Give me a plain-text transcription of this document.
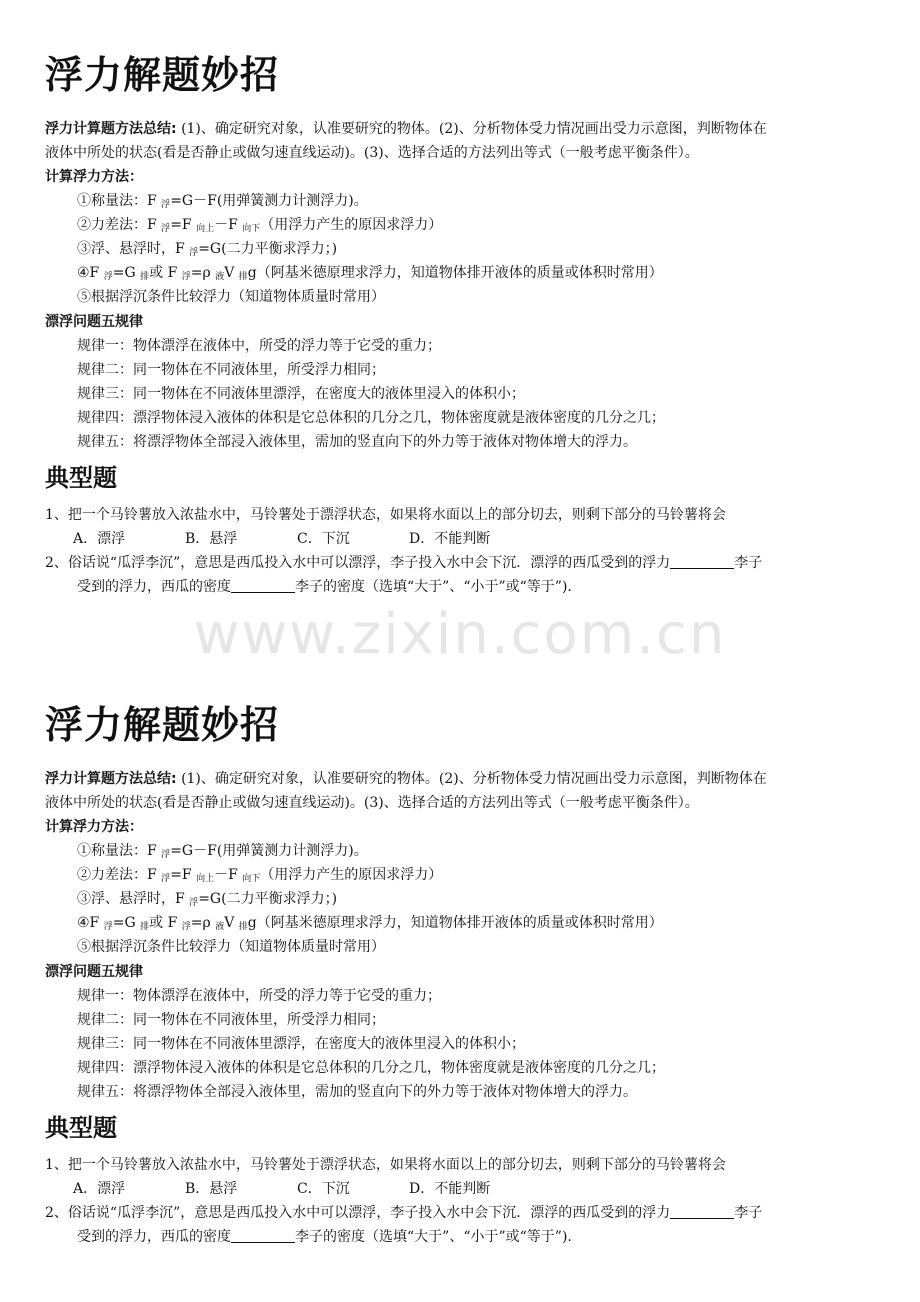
浮力解题妙招
浮力计算题方法总结: (1)、确定研究对象，认准要研究的物体。(2)、分析物体受力情况画出受力示意图，判断物体在
液体中所处的状态(看是否静止或做匀速直线运动)。(3)、选择合适的方法列出等式（一般考虑平衡条件）。
计算浮力方法：
①称量法：F $_浮$=G－F(用弹簧测力计测浮力)。
②力差法：F $_浮$=F $_{向上}$－F $_{向下}$（用浮力产生的原因求浮力）
③浮、悬浮时，F $_浮$=G(二力平衡求浮力；)
④F $_浮$=G $_排$或 F $_浮$=ρ $_液$V $_排$g（阿基米德原理求浮力，知道物体排开液体的质量或体积时常用）
⑤根据浮沉条件比较浮力（知道物体质量时常用）
漂浮问题五规律
规律一：物体漂浮在液体中，所受的浮力等于它受的重力；
规律二：同一物体在不同液体里，所受浮力相同；
规律三：同一物体在不同液体里漂浮，在密度大的液体里浸入的体积小；
规律四：漂浮物体浸入液体的体积是它总体积的几分之几，物体密度就是液体密度的几分之几；
规律五：将漂浮物体全部浸入液体里，需加的竖直向下的外力等于液体对物体增大的浮力。
典型题
1、把一个马铃薯放入浓盐水中，马铃薯处于漂浮状态，如果将水面以上的部分切去，则剩下部分的马铃薯将会
A．漂浮	B．悬浮	C．下沉	D．不能判断
2、俗话说“瓜浮李沉”，意思是西瓜投入水中可以漂浮，李子投入水中会下沉．漂浮的西瓜受到的浮力	李子
受到的浮力，西瓜的密度	李子的密度（选填“大于”、“小于”或“等于”).
www.zixin.com.cn
浮力解题妙招
浮力计算题方法总结: (1)、确定研究对象，认准要研究的物体。(2)、分析物体受力情况画出受力示意图，判断物体在
液体中所处的状态(看是否静止或做匀速直线运动)。(3)、选择合适的方法列出等式（一般考虑平衡条件）。
计算浮力方法：
①称量法：F $_浮$=G－F(用弹簧测力计测浮力)。
②力差法：F $_浮$=F $_{向上}$－F $_{向下}$（用浮力产生的原因求浮力）
③浮、悬浮时，F $_浮$=G(二力平衡求浮力；)
④F $_浮$=G $_排$或 F $_浮$=ρ $_液$V $_排$g（阿基米德原理求浮力，知道物体排开液体的质量或体积时常用）
⑤根据浮沉条件比较浮力（知道物体质量时常用）
漂浮问题五规律
规律一：物体漂浮在液体中，所受的浮力等于它受的重力；
规律二：同一物体在不同液体里，所受浮力相同；
规律三：同一物体在不同液体里漂浮，在密度大的液体里浸入的体积小；
规律四：漂浮物体浸入液体的体积是它总体积的几分之几，物体密度就是液体密度的几分之几；
规律五：将漂浮物体全部浸入液体里，需加的竖直向下的外力等于液体对物体增大的浮力。
典型题
1、把一个马铃薯放入浓盐水中，马铃薯处于漂浮状态，如果将水面以上的部分切去，则剩下部分的马铃薯将会
A．漂浮	B．悬浮	C．下沉	D．不能判断
2、俗话说“瓜浮李沉”，意思是西瓜投入水中可以漂浮，李子投入水中会下沉．漂浮的西瓜受到的浮力	李子
受到的浮力，西瓜的密度	李子的密度（选填“大于”、“小于”或“等于”).
